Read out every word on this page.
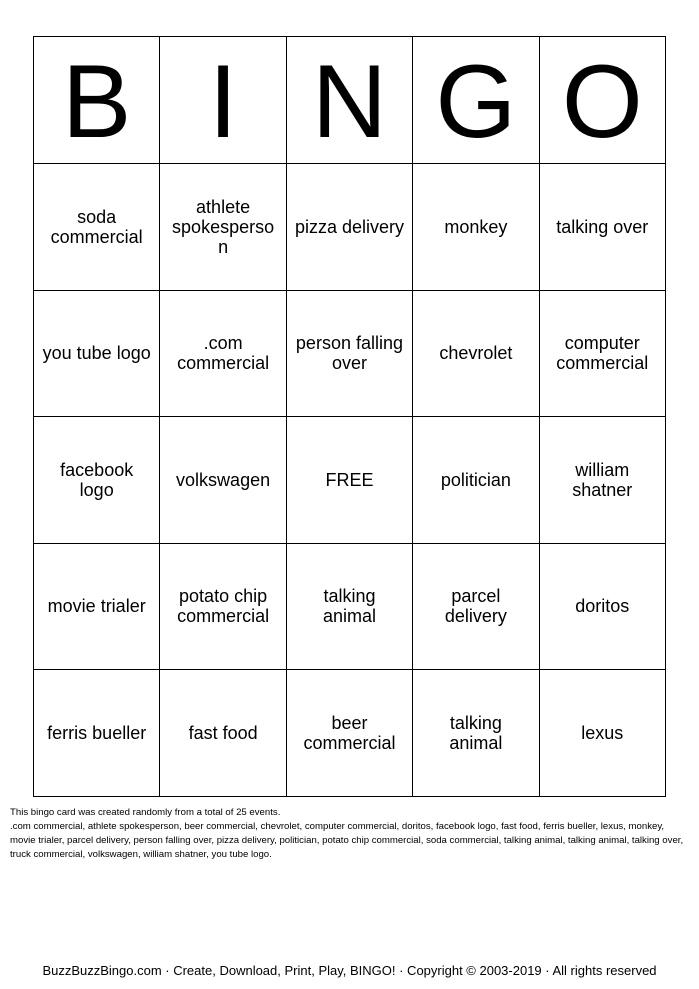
B	I	N	G	O
soda commercial	athlete spokesperson	pizza delivery	monkey	talking over
you tube logo	.com commercial	person falling over	chevrolet	computer commercial
facebook logo	volkswagen	FREE	politician	william shatner
movie trialer	potato chip commercial	talking animal	parcel delivery	doritos
ferris bueller	fast food	beer commercial	talking animal	lexus

This bingo card was created randomly from a total of 25 events.

.com commercial, athlete spokesperson, beer commercial, chevrolet, computer commercial, doritos, facebook logo, fast food, ferris bueller, lexus, monkey, movie trialer, parcel delivery, person falling over, pizza delivery, politician, potato chip commercial, soda commercial, talking animal, talking animal, talking over, truck commercial, volkswagen, william shatner, you tube logo.

BuzzBuzzBingo.com · Create, Download, Print, Play, BINGO! · Copyright © 2003-2019 · All rights reserved
